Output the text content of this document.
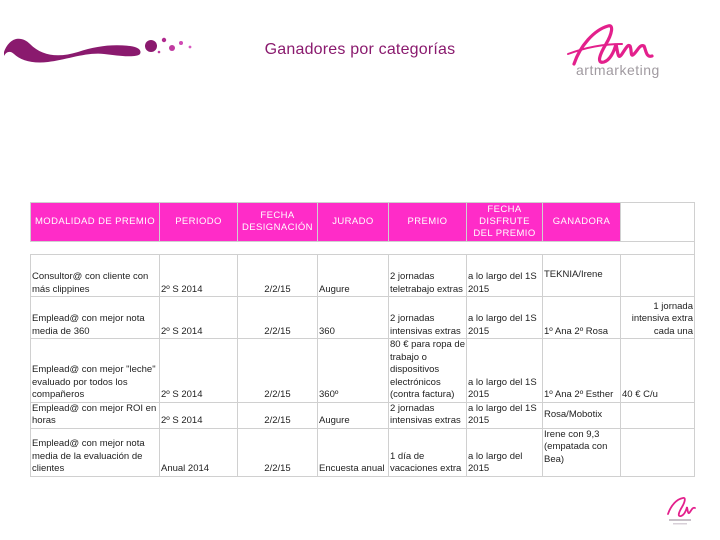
Ganadores por categorías
artmarketing
MODALIDAD DE PREMIO	PERIODO	FECHA DESIGNACIÓN	JURADO	PREMIO	FECHA DISFRUTE DEL PREMIO	GANADORA	

Consultor@ con cliente con más clippines	2º S 2014	2/2/15	Augure	2 jornadas teletrabajo extras	a lo largo del 1S 2015	TEKNIA/Irene	
Emplead@ con mejor nota media de 360	2º S 2014	2/2/15	360	2 jornadas intensivas extras	a lo largo del 1S 2015	1º Ana 2º Rosa	1 jornada intensiva extra cada una
Emplead@ con mejor "leche" evaluado por todos los compañeros	2º S 2014	2/2/15	360º	80 € para ropa de trabajo o dispositivos electrónicos (contra factura)	a lo largo del 1S 2015	1º Ana 2º Esther	40 € C/u
Emplead@ con mejor ROI en horas	2º S 2014	2/2/15	Augure	2 jornadas intensivas extras	a lo largo del 1S 2015	Rosa/Mobotix	
Emplead@ con mejor nota media de la evaluación de clientes	Anual 2014	2/2/15	Encuesta anual	1 día de vacaciones extra	a lo largo del 2015	Irene con 9,3 (empatada con Bea)	
